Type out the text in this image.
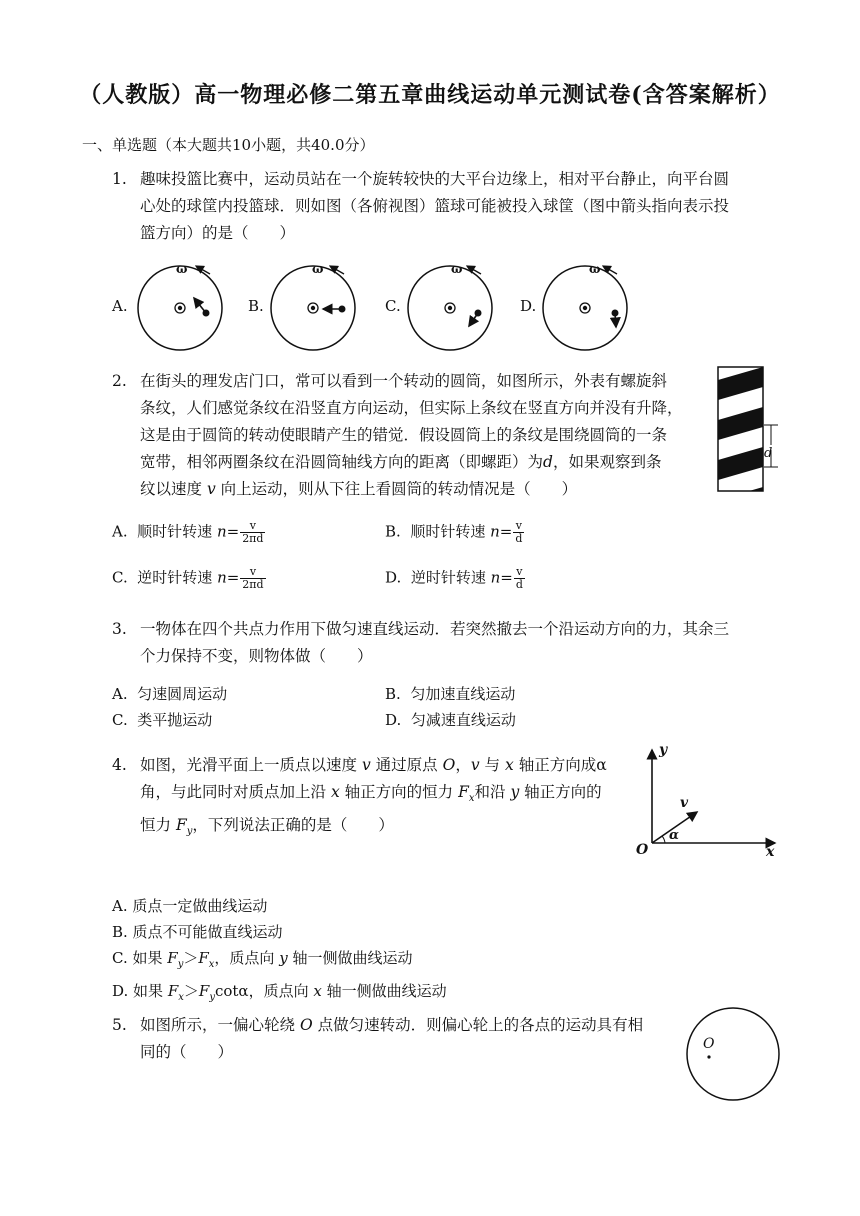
（人教版）高一物理必修二第五章曲线运动单元测试卷(含答案解析）
一、单选题（本大题共10小题，共40.0分）
1. 趣味投篮比赛中，运动员站在一个旋转较快的大平台边缘上，相对平台静止，向平台圆
心处的球筐内投篮球．则如图（各俯视图）篮球可能被投入球筐（图中箭头指向表示投
篮方向）的是（　　）
A.	B.	C.	D.
ω	ω	ω	ω
2. 在街头的理发店门口，常可以看到一个转动的圆筒，如图所示，外表有螺旋斜
条纹，人们感觉条纹在沿竖直方向运动，但实际上条纹在竖直方向并没有升降，
这是由于圆筒的转动使眼睛产生的错觉．假设圆筒上的条纹是围绕圆筒的一条
宽带，相邻两圈条纹在沿圆筒轴线方向的距离（即螺距）为d，如果观察到条
纹以速度 v 向上运动，则从下往上看圆筒的转动情况是（　　）
d
A. 顺时针转速 $n= \frac{v}{2\pi d}$	B. 顺时针转速 $n= \frac{v}{d}$
C. 逆时针转速 $n= \frac{v}{2\pi d}$	D. 逆时针转速 $n= \frac{v}{d}$
3. 一物体在四个共点力作用下做匀速直线运动．若突然撤去一个沿运动方向的力，其余三
个力保持不变，则物体做（　　）
A. 匀速圆周运动	B. 匀加速直线运动
C. 类平抛运动	D. 匀减速直线运动
4. 如图，光滑平面上一质点以速度 v 通过原点 O，v 与 x 轴正方向成α
角，与此同时对质点加上沿 x 轴正方向的恒力 $F_x$和沿 y 轴正方向的
恒力 $F_y$，下列说法正确的是（　　）
y
v
α
O	x
A. 质点一定做曲线运动
B. 质点不可能做直线运动
C. 如果 $F_y>F_x$，质点向 y 轴一侧做曲线运动
D. 如果 $F_x>F_y\cot\alpha$，质点向 x 轴一侧做曲线运动
5. 如图所示，一偏心轮绕 O 点做匀速转动．则偏心轮上的各点的运动具有相
同的（　　）	O
